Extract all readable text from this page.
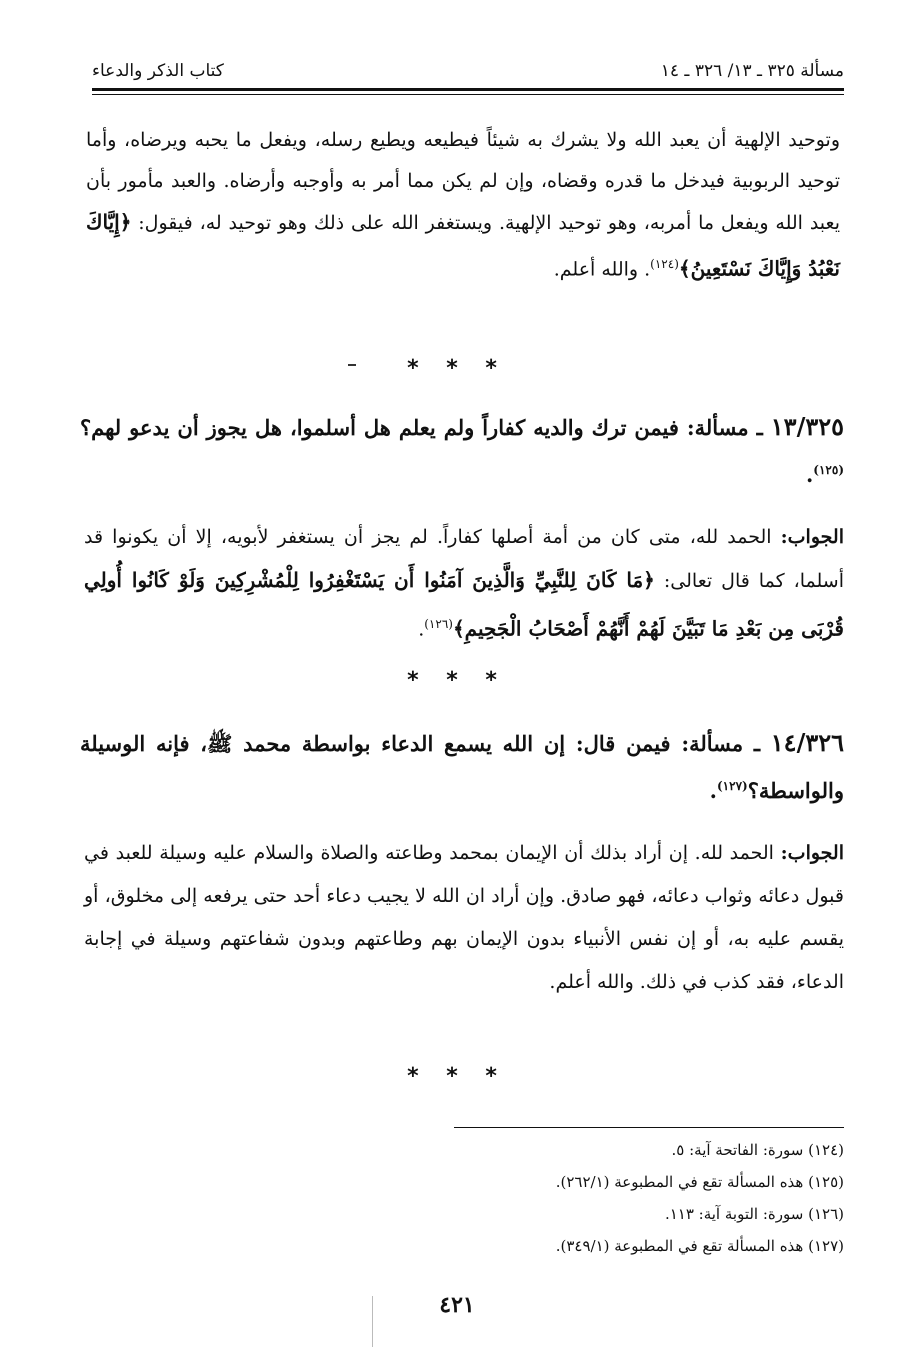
مسألة ٣٢٥ ـ ١٣/ ٣٢٦ ـ ١٤
كتاب الذكر والدعاء
وتوحيد الإلهية أن يعبد الله ولا يشرك به شيئاً فيطيعه ويطيع رسله، ويفعل ما يحبه ويرضاه، وأما توحيد الربوبية فيدخل ما قدره وقضاه، وإن لم يكن مما أمر به وأوجبه وأرضاه. والعبد مأمور بأن يعبد الله ويفعل ما أمربه، وهو توحيد الإلهية. ويستغفر الله على ذلك وهو توحيد له، فيقول: ﴿إِيَّاكَ نَعْبُدُ وَإِيَّاكَ نَسْتَعِينُ﴾$^{(١٢٤)}$. والله أعلم.
* * *
١٣/٣٢٥ ـ مسألة: فيمن ترك والديه كفاراً ولم يعلم هل أسلموا، هل يجوز أن يدعو لهم؟$^{(١٢٥)}$.
الجواب: الحمد لله، متى كان من أمة أصلها كفاراً. لم يجز أن يستغفر لأبويه، إلا أن يكونوا قد أسلما، كما قال تعالى: ﴿مَا كَانَ لِلنَّبِيِّ وَالَّذِينَ آمَنُوا أَن يَسْتَغْفِرُوا لِلْمُشْرِكِينَ وَلَوْ كَانُوا أُولِي قُرْبَى مِن بَعْدِ مَا تَبَيَّنَ لَهُمْ أَنَّهُمْ أَصْحَابُ الْجَحِيمِ﴾$^{(١٢٦)}$.
* * *
١٤/٣٢٦ ـ مسألة: فيمن قال: إن الله يسمع الدعاء بواسطة محمد ﷺ، فإنه الوسيلة والواسطة؟$^{(١٢٧)}$.
الجواب: الحمد لله. إن أراد بذلك أن الإيمان بمحمد وطاعته والصلاة والسلام عليه وسيلة للعبد في قبول دعائه وثواب دعائه، فهو صادق. وإن أراد ان الله لا يجيب دعاء أحد حتى يرفعه إلى مخلوق، أو يقسم عليه به، أو إن نفس الأنبياء بدون الإيمان بهم وطاعتهم وبدون شفاعتهم وسيلة في إجابة الدعاء، فقد كذب في ذلك. والله أعلم.
* * *
(١٢٤) سورة: الفاتحة آية: ٥.
(١٢٥) هذه المسألة تقع في المطبوعة (٢٦٢/١).
(١٢٦) سورة: التوبة آية: ١١٣.
(١٢٧) هذه المسألة تقع في المطبوعة (٣٤٩/١).
٤٢١
